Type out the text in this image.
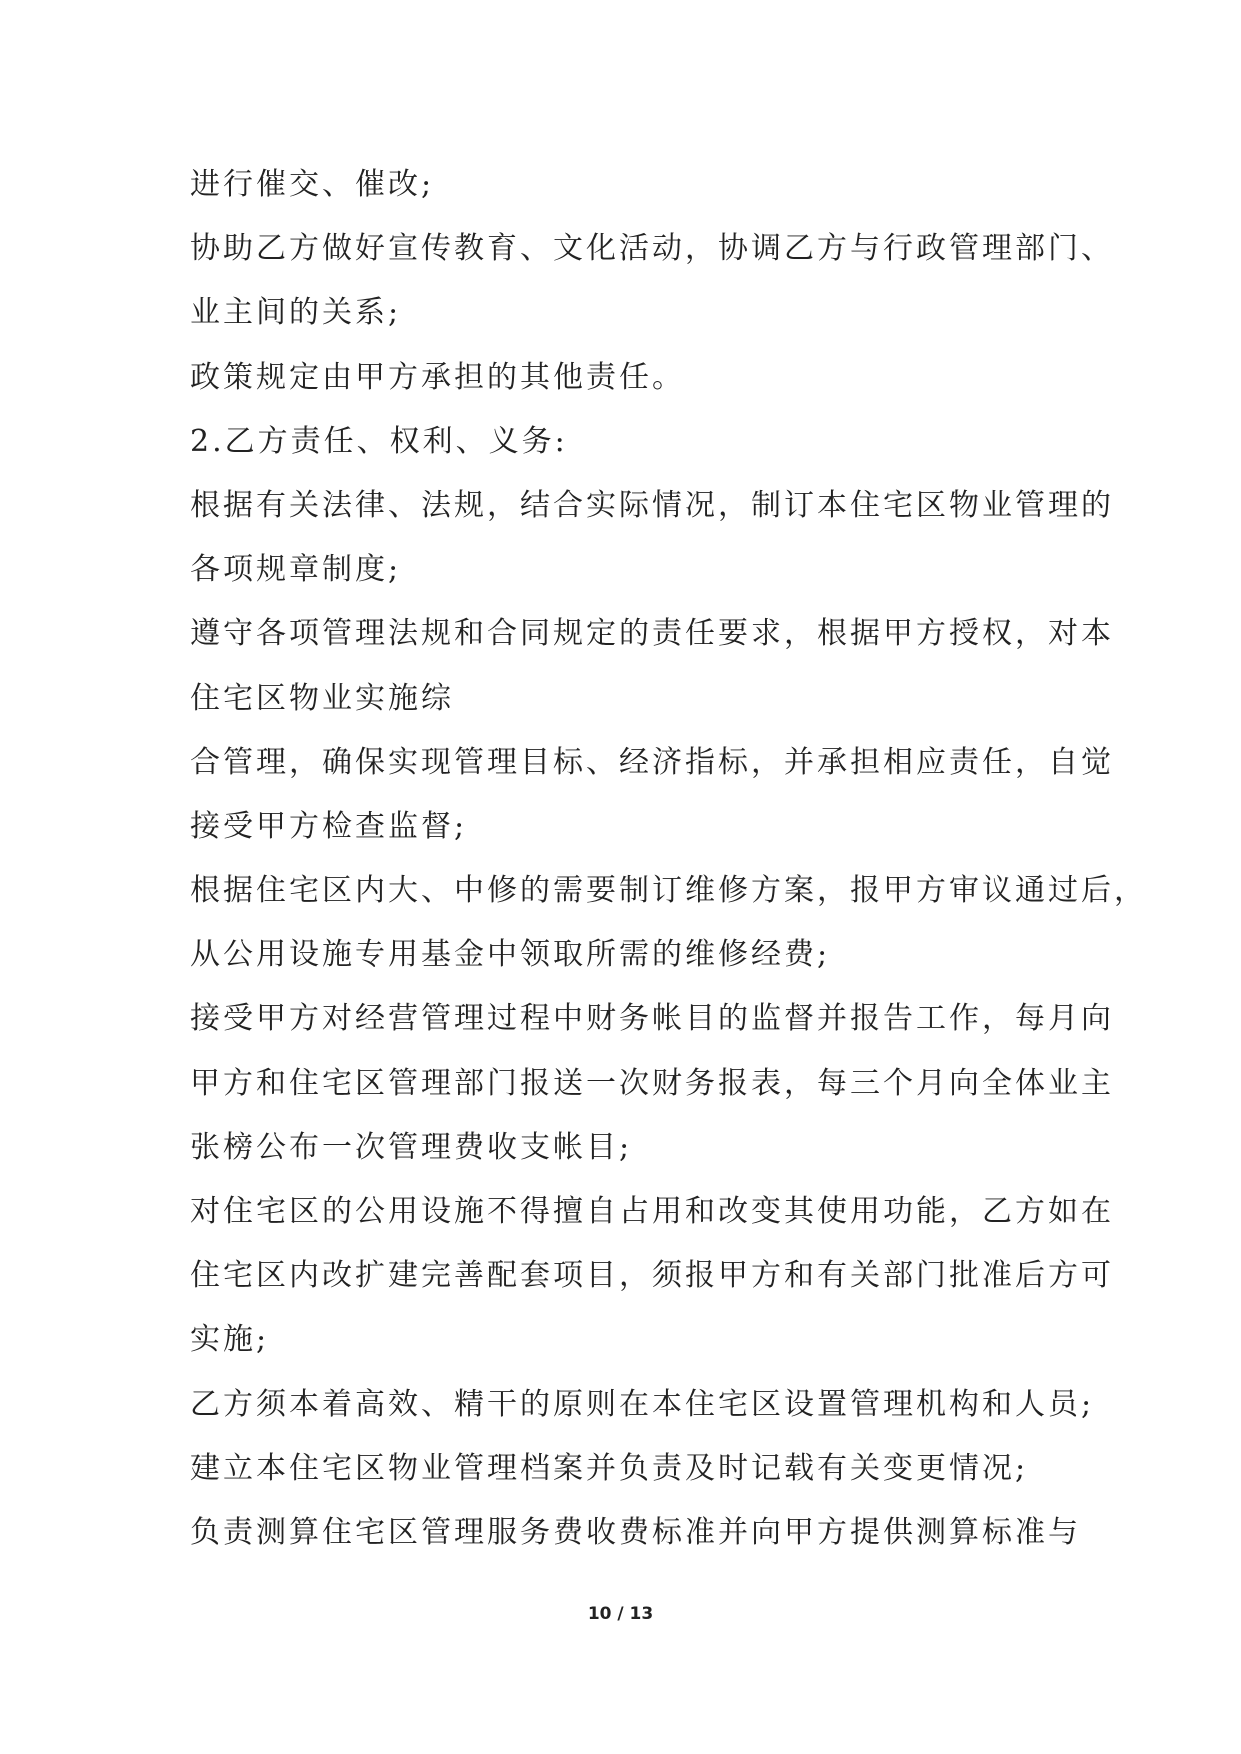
进行催交、催改;
协助乙方做好宣传教育、文化活动，协调乙方与行政管理部门、
业主间的关系;
政策规定由甲方承担的其他责任。
2.乙方责任、权利、义务:
根据有关法律、法规，结合实际情况，制订本住宅区物业管理的
各项规章制度;
遵守各项管理法规和合同规定的责任要求，根据甲方授权，对本
住宅区物业实施综
合管理，确保实现管理目标、经济指标，并承担相应责任，自觉
接受甲方检查监督;
根据住宅区内大、中修的需要制订维修方案，报甲方审议通过后，
从公用设施专用基金中领取所需的维修经费;
接受甲方对经营管理过程中财务帐目的监督并报告工作，每月向
甲方和住宅区管理部门报送一次财务报表，每三个月向全体业主
张榜公布一次管理费收支帐目;
对住宅区的公用设施不得擅自占用和改变其使用功能，乙方如在
住宅区内改扩建完善配套项目，须报甲方和有关部门批准后方可
实施;
乙方须本着高效、精干的原则在本住宅区设置管理机构和人员;
建立本住宅区物业管理档案并负责及时记载有关变更情况;
负责测算住宅区管理服务费收费标准并向甲方提供测算标准与
10 / 13
